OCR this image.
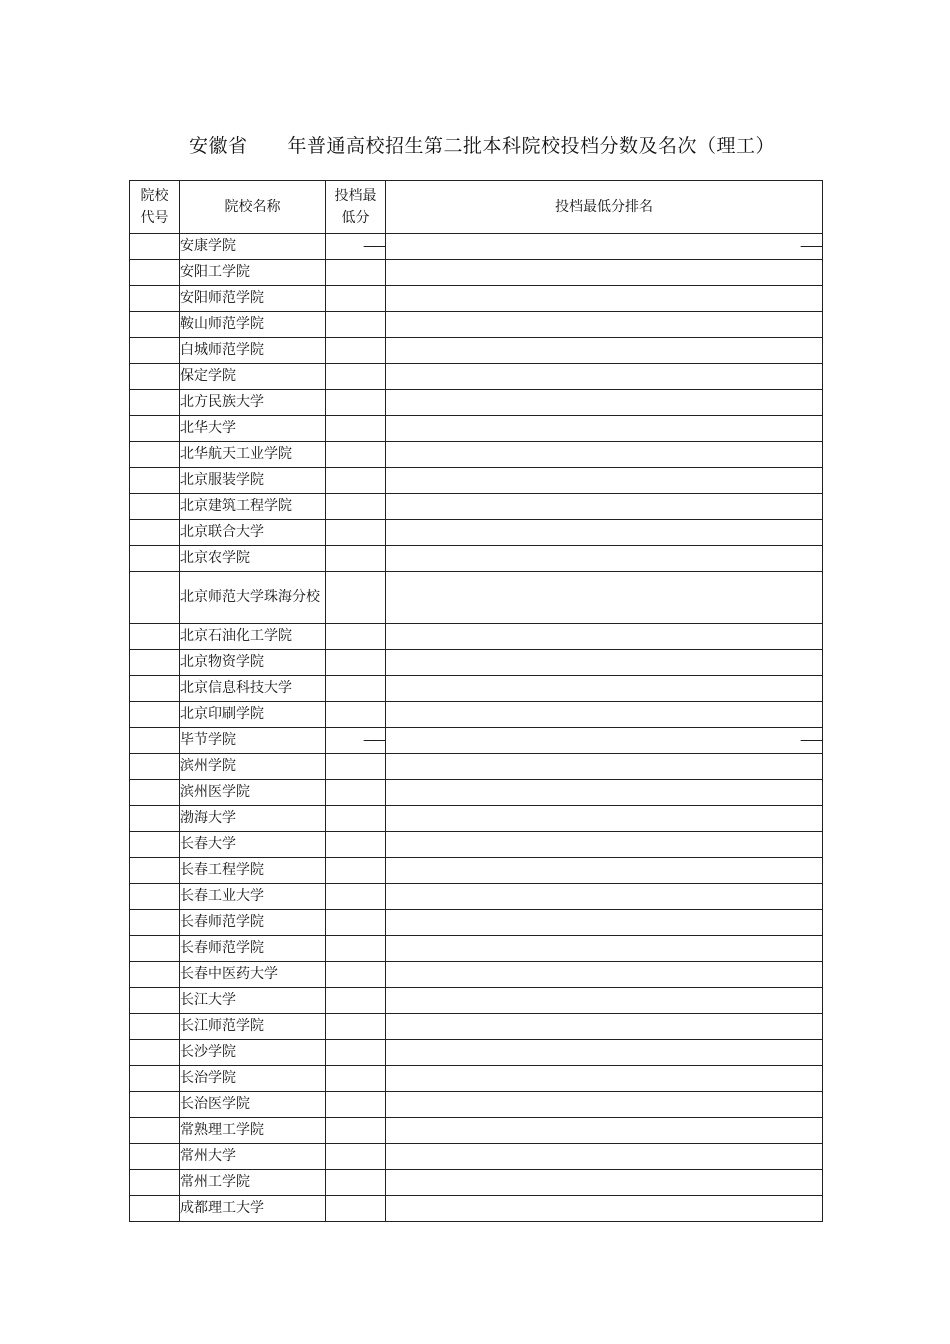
安徽省 年普通高校招生第二批本科院校投档分数及名次（理工）
院校代号	院校名称	投档最低分	投档最低分排名
	安康学院	——	——
	安阳工学院		
	安阳师范学院		
	鞍山师范学院		
	白城师范学院		
	保定学院		
	北方民族大学		
	北华大学		
	北华航天工业学院		
	北京服装学院		
	北京建筑工程学院		
	北京联合大学		
	北京农学院		
	北京师范大学珠海分校		
	北京石油化工学院		
	北京物资学院		
	北京信息科技大学		
	北京印刷学院		
	毕节学院	——	——
	滨州学院		
	滨州医学院		
	渤海大学		
	长春大学		
	长春工程学院		
	长春工业大学		
	长春师范学院		
	长春师范学院		
	长春中医药大学		
	长江大学		
	长江师范学院		
	长沙学院		
	长治学院		
	长治医学院		
	常熟理工学院		
	常州大学		
	常州工学院		
	成都理工大学		
